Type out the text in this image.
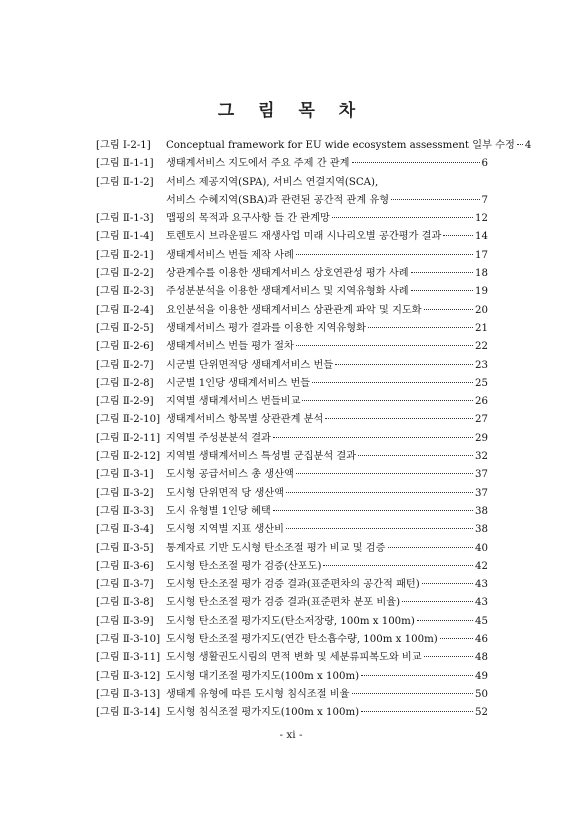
그 림 목 차
[그림 Ⅰ-2-1]	Conceptual framework for EU wide ecosystem assessment 일부 수정 4
[그림 Ⅱ-1-1]	생태계서비스 지도에서 주요 주제 간 관계	6
[그림 Ⅱ-1-2]	서비스 제공지역(SPA), 서비스 연결지역(SCA),
서비스 수혜지역(SBA)과 관련된 공간적 관계 유형	7
[그림 Ⅱ-1-3]	맵핑의 목적과 요구사항 들 간 관계망	12
[그림 Ⅱ-1-4]	토렌토시 브라운필드 재생사업 미래 시나리오별 공간평가 결과	14
[그림 Ⅱ-2-1]	생태계서비스 번들 제작 사례	17
[그림 Ⅱ-2-2]	상관계수를 이용한 생태계서비스 상호연관성 평가 사례	18
[그림 Ⅱ-2-3]	주성분분석을 이용한 생태계서비스 및 지역유형화 사례	19
[그림 Ⅱ-2-4]	요인분석을 이용한 생태계서비스 상관관계 파악 및 지도화	20
[그림 Ⅱ-2-5]	생태계서비스 평가 결과를 이용한 지역유형화	21
[그림 Ⅱ-2-6]	생태계서비스 번들 평가 절차	22
[그림 Ⅱ-2-7]	시군별 단위면적당 생태계서비스 번들	23
[그림 Ⅱ-2-8]	시군별 1인당 생태계서비스 번들	25
[그림 Ⅱ-2-9]	지역별 생태계서비스 번들비교	26
[그림 Ⅱ-2-10] 생태계서비스 항목별 상관관계 분석	27
[그림 Ⅱ-2-11] 지역별 주성분분석 결과	29
[그림 Ⅱ-2-12] 지역별 생태계서비스 특성별 군집분석 결과	32
[그림 Ⅱ-3-1]	도시형 공급서비스 총 생산액	37
[그림 Ⅱ-3-2]	도시형 단위면적 당 생산액	37
[그림 Ⅱ-3-3]	도시 유형별 1인당 혜택	38
[그림 Ⅱ-3-4]	도시형 지역별 지표 생산비	38
[그림 Ⅱ-3-5]	통계자료 기반 도시형 탄소조절 평가 비교 및 검증	40
[그림 Ⅱ-3-6]	도시형 탄소조절 평가 검증(산포도)	42
[그림 Ⅱ-3-7]	도시형 탄소조절 평가 검증 결과(표준편차의 공간적 패턴)	43
[그림 Ⅱ-3-8]	도시형 탄소조절 평가 검증 결과(표준편차 분포 비율)	43
[그림 Ⅱ-3-9]	도시형 탄소조절 평가지도(탄소저장량, 100m x 100m)	45
[그림 Ⅱ-3-10] 도시형 탄소조절 평가지도(연간 탄소흡수량, 100m x 100m)	46
[그림 Ⅱ-3-11] 도시형 생활권도시림의 면적 변화 및 세분류피복도와 비교	48
[그림 Ⅱ-3-12] 도시형 대기조절 평가지도(100m x 100m)	49
[그림 Ⅱ-3-13] 생태계 유형에 따른 도시형 침식조절 비율	50
[그림 Ⅱ-3-14] 도시형 침식조절 평가지도(100m x 100m)	52
- xi -
